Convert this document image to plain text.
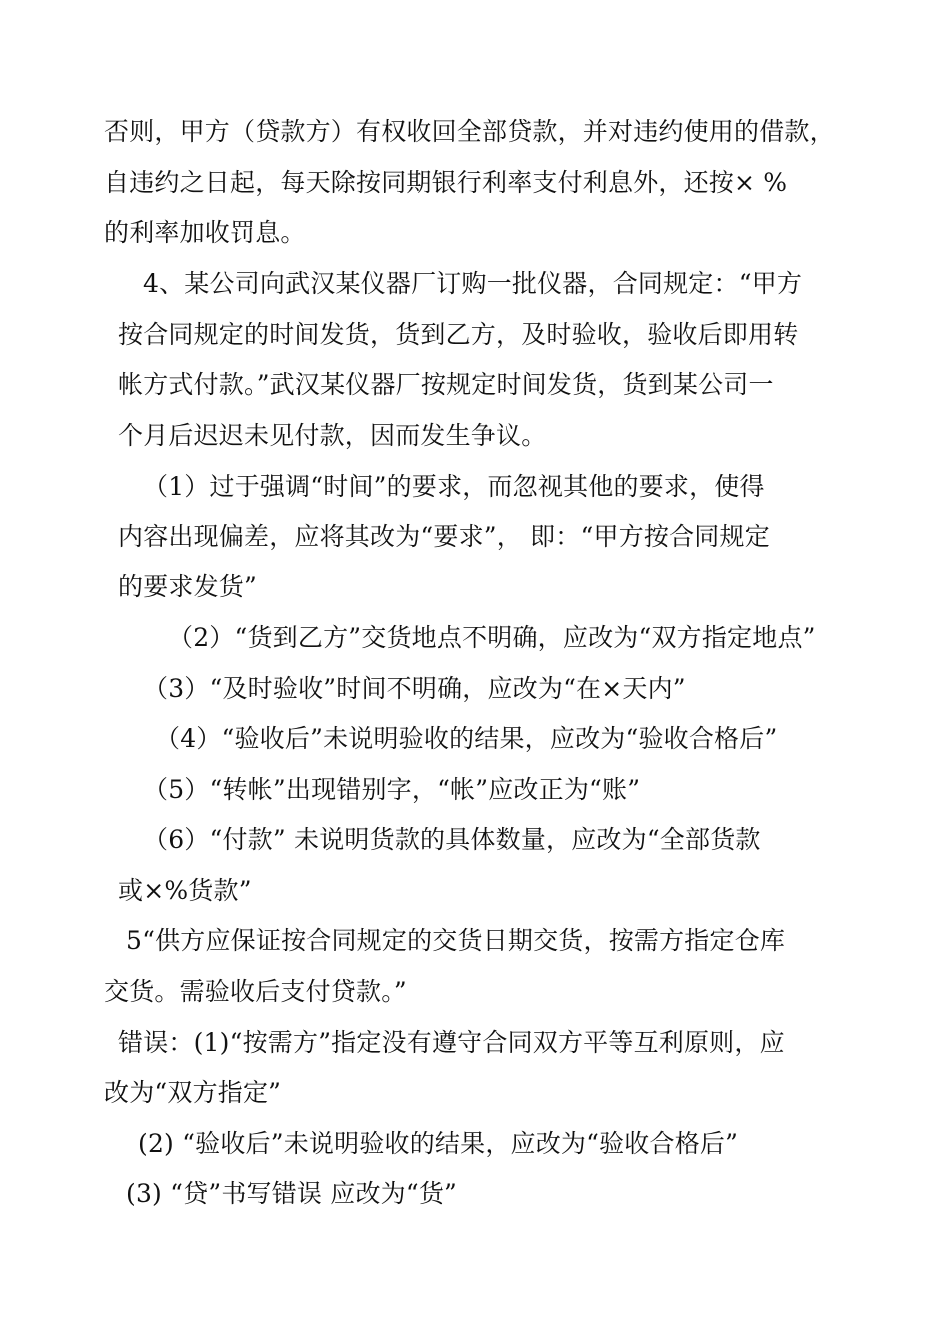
否则，甲方（贷款方）有权收回全部贷款，并对违约使用的借款，
自违约之日起，每天除按同期银行利率支付利息外，还按× %
的利率加收罚息。
4、某公司向武汉某仪器厂订购一批仪器，合同规定：“甲方
按合同规定的时间发货，货到乙方，及时验收，验收后即用转
帐方式付款。”武汉某仪器厂按规定时间发货，货到某公司一
个月后迟迟未见付款，因而发生争议。
（1）过于强调“时间”的要求，而忽视其他的要求，使得
内容出现偏差，应将其改为“要求”， 即：“甲方按合同规定
的要求发货”
（2）“货到乙方”交货地点不明确，应改为“双方指定地点”
（3）“及时验收”时间不明确，应改为“在×天内”
（4）“验收后”未说明验收的结果，应改为“验收合格后”
（5）“转帐”出现错别字，“帐”应改正为“账”
（6）“付款” 未说明货款的具体数量，应改为“全部货款
或×%货款”
5“供方应保证按合同规定的交货日期交货，按需方指定仓库
交货。需验收后支付贷款。”
错误：(1)“按需方”指定没有遵守合同双方平等互利原则，应
改为“双方指定”
(2) “验收后”未说明验收的结果，应改为“验收合格后”
(3) “贷”书写错误 应改为“货”
